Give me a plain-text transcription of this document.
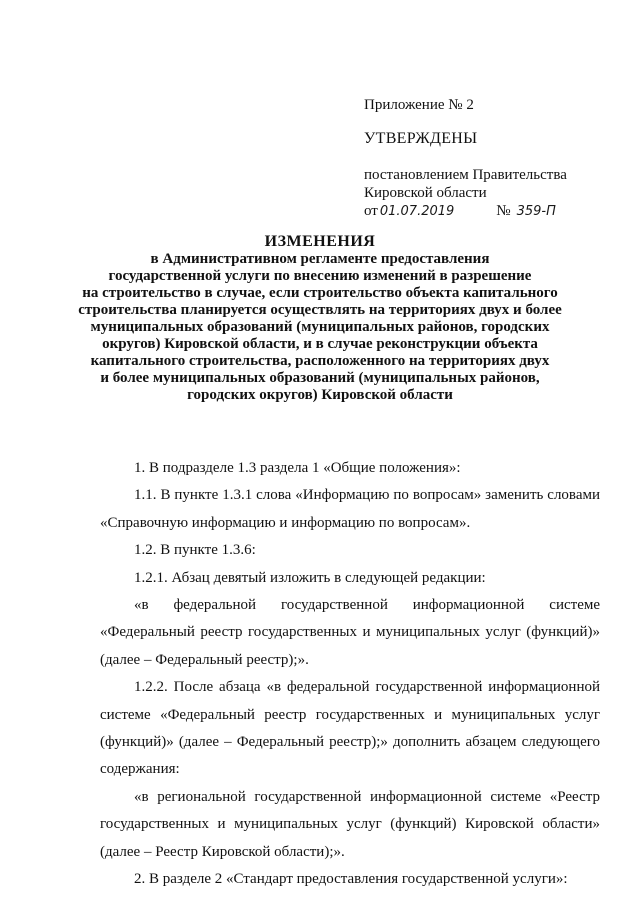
Приложение № 2
УТВЕРЖДЕНЫ
постановлением Правительства
Кировской области
от 01.07.2019	№ 359-П
ИЗМЕНЕНИЯ
в Административном регламенте предоставления
государственной услуги по внесению изменений в разрешение
на строительство в случае, если строительство объекта капитального
строительства планируется осуществлять на территориях двух и более
муниципальных образований (муниципальных районов, городских
округов) Кировской области, и в случае реконструкции объекта
капитального строительства, расположенного на территориях двух
и более муниципальных образований (муниципальных районов,
городских округов) Кировской области

1. В подразделе 1.3 раздела 1 «Общие положения»:

1.1. В пункте 1.3.1 слова «Информацию по вопросам» заменить словами «Справочную информацию и информацию по вопросам».

1.2. В пункте 1.3.6:

1.2.1. Абзац девятый изложить в следующей редакции:

«в федеральной государственной информационной системе «Федеральный реестр государственных и муниципальных услуг (функций)» (далее – Федеральный реестр);».

1.2.2. После абзаца «в федеральной государственной информационной системе «Федеральный реестр государственных и муниципальных услуг (функций)» (далее – Федеральный реестр);» дополнить абзацем следующего содержания:

«в региональной государственной информационной системе «Реестр государственных и муниципальных услуг (функций) Кировской области» (далее – Реестр Кировской области);».

2. В разделе 2 «Стандарт предоставления государственной услуги»:
